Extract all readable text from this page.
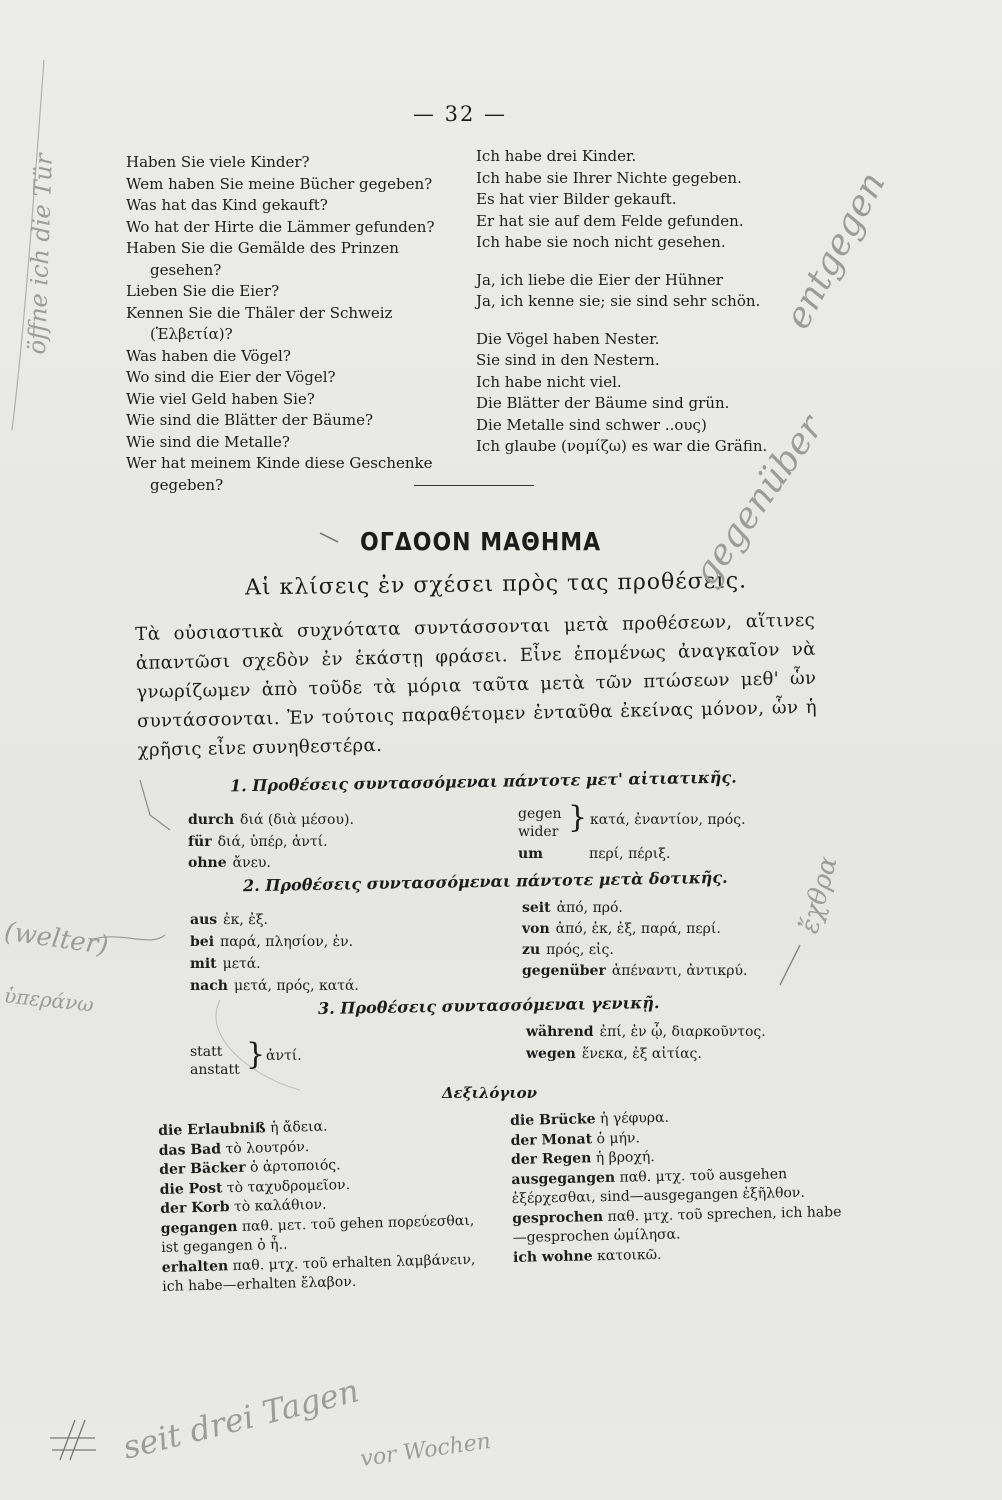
— 32 —
Haben Sie viele Kinder?
Wem haben Sie meine Bücher gegeben?
Was hat das Kind gekauft?
Wo hat der Hirte die Lämmer gefunden?
Haben Sie die Gemälde des Prinzen
gesehen?
Lieben Sie die Eier?
Kennen Sie die Thäler der Schweiz
(Ἑλβετία)?
Was haben die Vögel?
Wo sind die Eier der Vögel?
Wie viel Geld haben Sie?
Wie sind die Blätter der Bäume?
Wie sind die Metalle?
Wer hat meinem Kinde diese Geschenke
gegeben?
Ich habe drei Kinder.
Ich habe sie Ihrer Nichte gegeben.
Es hat vier Bilder gekauft.
Er hat sie auf dem Felde gefunden.
Ich habe sie noch nicht gesehen.
Ja, ich liebe die Eier der Hühner
Ja, ich kenne sie; sie sind sehr schön.
Die Vögel haben Nester.
Sie sind in den Nestern.
Ich habe nicht viel.
Die Blätter der Bäume sind grün.
Die Metalle sind schwer ..ους)
Ich glaube (νομίζω) es war die Gräfin.
ΟΓΔΟΟΝ ΜΑΘΗΜΑ
Αἱ κλίσεις ἐν σχέσει πρὸς τας προθέσεις.
Τὰ οὐσιαστικὰ συχνότατα συντάσσονται μετὰ προθέσεων, αἵτινες ἀπαντῶσι σχεδὸν ἐν ἑκάστῃ φράσει. Εἶνε ἑπομένως ἀναγκαῖον νὰ γνωρίζωμεν ἀπὸ τοῦδε τὰ μόρια ταῦτα μετὰ τῶν πτώσεων μεθ' ὧν συντάσσονται. Ἐν τούτοις παραθέτομεν ἐνταῦθα ἐκείνας μόνον, ὧν ἡ χρῆσις εἶνε συνηθεστέρα.
1. Προθέσεις συντασσόμεναι πάντοτε μετ' αἰτιατικῆς.
durch διά (διὰ μέσου).
für διά, ὑπέρ, ἀντί.
ohne ἄνευ.
gegen
wider } κατά, ἐναντίον, πρός.
um	περί, πέριξ.
2. Προθέσεις συντασσόμεναι πάντοτε μετὰ δοτικῆς.
aus ἐκ, ἐξ.
bei παρά, πλησίον, ἐν.
mit μετά.
nach μετά, πρός, κατά.
seit ἀπό, πρό.
von ἀπό, ἐκ, ἐξ, παρά, περί.
zu πρός, εἰς.
gegenüber ἀπέναντι, ἀντικρύ.
3. Προθέσεις συντασσόμεναι γενικῇ.
statt
anstatt } ἀντί.
während ἐπί, ἐν ᾧ, διαρκοῦντος.
wegen ἕνεκα, ἐξ αἰτίας.
Δεξιλόγιον
die Erlaubniß ἡ ἄδεια.
das Bad τὸ λουτρόν.
der Bäcker ὁ ἀρτοποιός.
die Post τὸ ταχυδρομεῖον.
der Korb τὸ καλάθιον.
gegangen παθ. μετ. τοῦ gehen πορεύεσθαι, ist gegangen ὁ ἦ..
erhalten παθ. μτχ. τοῦ erhalten λαμβάνειν, ich habe—erhalten ἔλαβον.
die Brücke ἡ γέφυρα.
der Monat ὁ μήν.
der Regen ἡ βροχή.
ausgegangen παθ. μτχ. τοῦ ausgehen ἐξέρχεσθαι, sind—ausgegangen ἐξῆλθον.
gesprochen παθ. μτχ. τοῦ sprechen, ich habe—gesprochen ὡμίλησα.
ich wohne κατοικῶ.
öffne ich die Tür
(welter)
ὑπεράνω
entgegen
gegenüber
ἔχθρα
seit drei Tagen
vor Wochen
